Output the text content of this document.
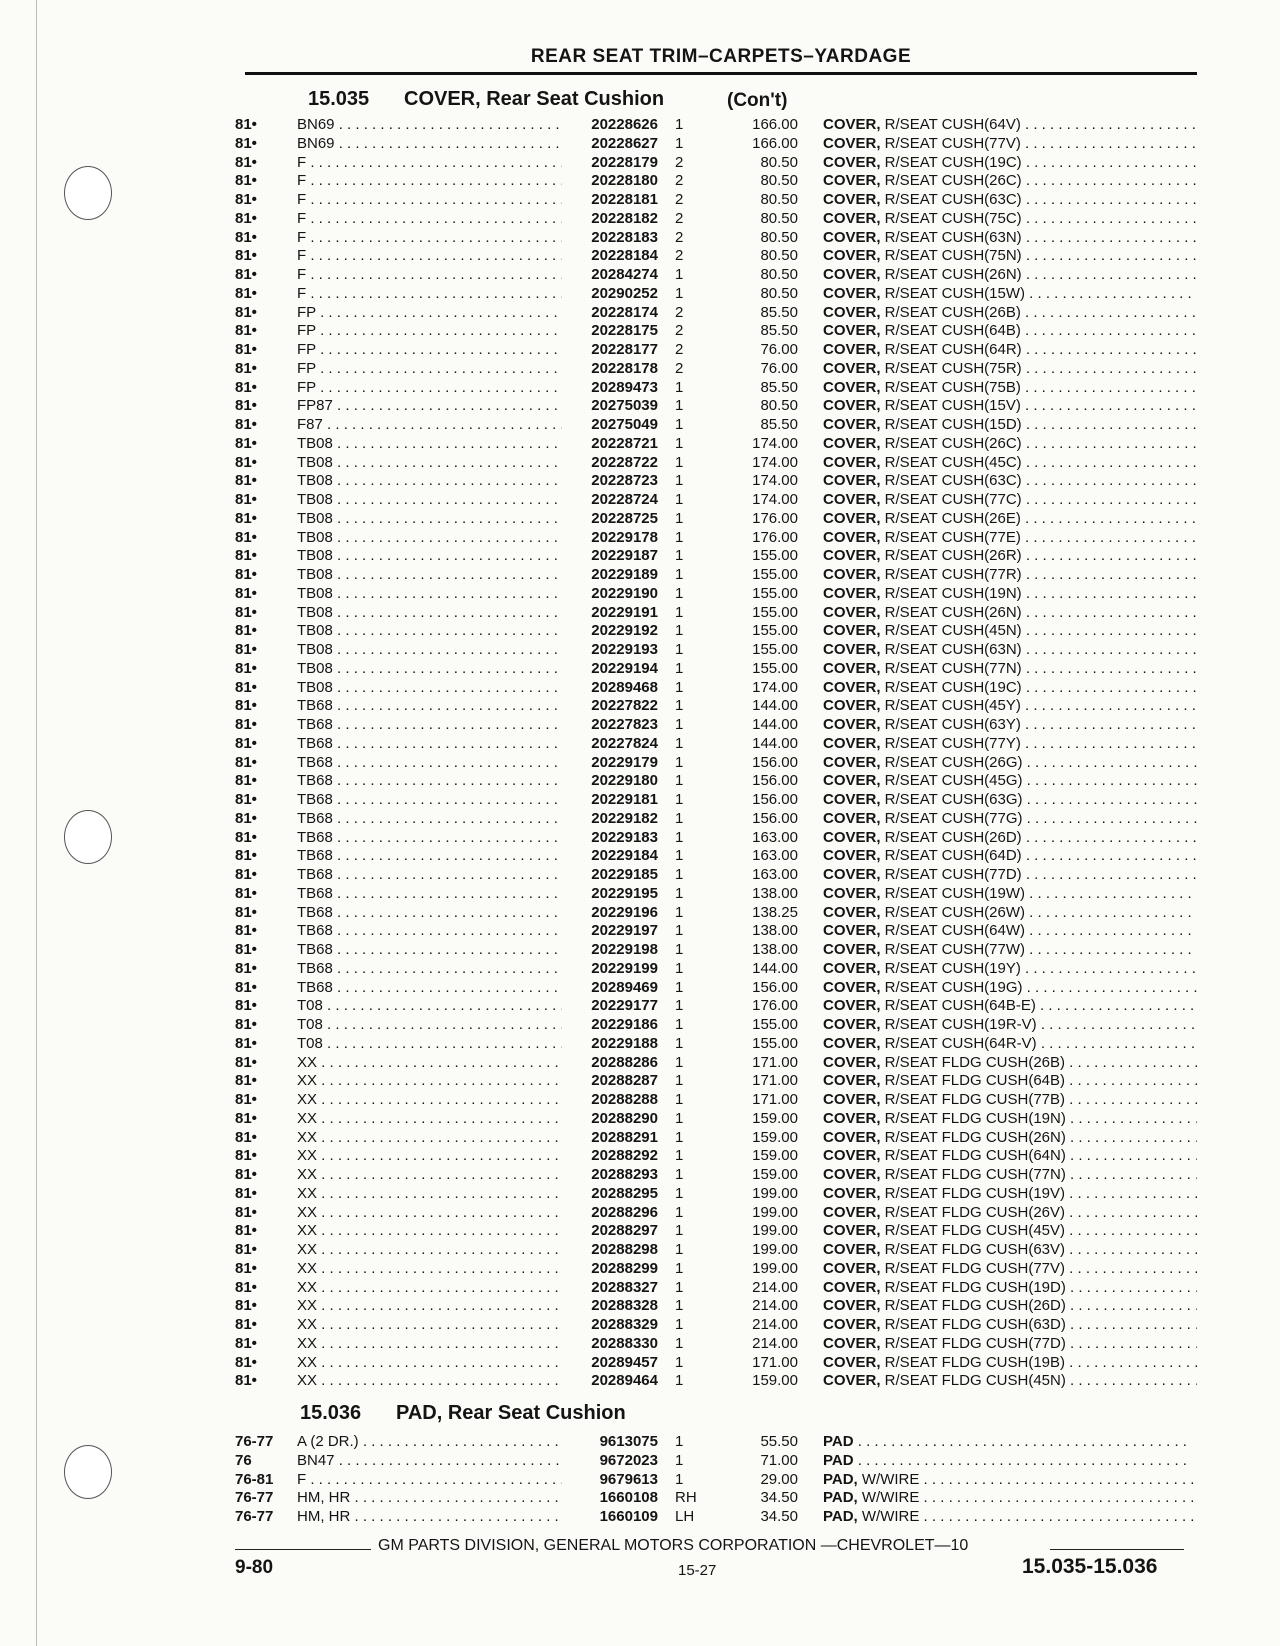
REAR SEAT TRIM–CARPETS–YARDAGE
15.035 COVER, Rear Seat Cushion	(Con't)
81•	BN69 . . .	20228626 1	166.00 COVER, R/SEAT CUSH(64V) . . .
81•	BN69 . . .	20228627 1	166.00 COVER, R/SEAT CUSH(77V) . . .
81•	F . . .	20228179 2	80.50 COVER, R/SEAT CUSH(19C) . . .
81•	F . . .	20228180 2	80.50 COVER, R/SEAT CUSH(26C) . . .
81•	F . . .	20228181 2	80.50 COVER, R/SEAT CUSH(63C) . . .
81•	F . . .	20228182 2	80.50 COVER, R/SEAT CUSH(75C) . . .
81•	F . . .	20228183 2	80.50 COVER, R/SEAT CUSH(63N) . . .
81•	F . . .	20228184 2	80.50 COVER, R/SEAT CUSH(75N) . . .
81•	F . . .	20284274 1	80.50 COVER, R/SEAT CUSH(26N) . . .
81•	F . . .	20290252 1	80.50 COVER, R/SEAT CUSH(15W) . . .
81•	FP . . .	20228174 2	85.50 COVER, R/SEAT CUSH(26B) . . .
81•	FP . . .	20228175 2	85.50 COVER, R/SEAT CUSH(64B) . . .
81•	FP . . .	20228177 2	76.00 COVER, R/SEAT CUSH(64R) . . .
81•	FP . . .	20228178 2	76.00 COVER, R/SEAT CUSH(75R) . . .
81•	FP . . .	20289473 1	85.50 COVER, R/SEAT CUSH(75B) . . .
81•	FP87 . . .	20275039 1	80.50 COVER, R/SEAT CUSH(15V) . . .
81•	F87 . . .	20275049 1	85.50 COVER, R/SEAT CUSH(15D) . . .
81•	TB08 . . .	20228721 1	174.00 COVER, R/SEAT CUSH(26C) . . .
81•	TB08 . . .	20228722 1	174.00 COVER, R/SEAT CUSH(45C) . . .
81•	TB08 . . .	20228723 1	174.00 COVER, R/SEAT CUSH(63C) . . .
81•	TB08 . . .	20228724 1	174.00 COVER, R/SEAT CUSH(77C) . . .
81•	TB08 . . .	20228725 1	176.00 COVER, R/SEAT CUSH(26E) . . .
81•	TB08 . . .	20229178 1	176.00 COVER, R/SEAT CUSH(77E) . . .
81•	TB08 . . .	20229187 1	155.00 COVER, R/SEAT CUSH(26R) . . .
81•	TB08 . . .	20229189 1	155.00 COVER, R/SEAT CUSH(77R) . . .
81•	TB08 . . .	20229190 1	155.00 COVER, R/SEAT CUSH(19N) . . .
81•	TB08 . . .	20229191 1	155.00 COVER, R/SEAT CUSH(26N) . . .
81•	TB08 . . .	20229192 1	155.00 COVER, R/SEAT CUSH(45N) . . .
81•	TB08 . . .	20229193 1	155.00 COVER, R/SEAT CUSH(63N) . . .
81•	TB08 . . .	20229194 1	155.00 COVER, R/SEAT CUSH(77N) . . .
81•	TB08 . . .	20289468 1	174.00 COVER, R/SEAT CUSH(19C) . . .
81•	TB68 . . .	20227822 1	144.00 COVER, R/SEAT CUSH(45Y) . . .
81•	TB68 . . .	20227823 1	144.00 COVER, R/SEAT CUSH(63Y) . . .
81•	TB68 . . .	20227824 1	144.00 COVER, R/SEAT CUSH(77Y) . . .
81•	TB68 . . .	20229179 1	156.00 COVER, R/SEAT CUSH(26G) . . .
81•	TB68 . . .	20229180 1	156.00 COVER, R/SEAT CUSH(45G) . . .
81•	TB68 . . .	20229181 1	156.00 COVER, R/SEAT CUSH(63G) . . .
81•	TB68 . . .	20229182 1	156.00 COVER, R/SEAT CUSH(77G) . . .
81•	TB68 . . .	20229183 1	163.00 COVER, R/SEAT CUSH(26D) . . .
81•	TB68 . . .	20229184 1	163.00 COVER, R/SEAT CUSH(64D) . . .
81•	TB68 . . .	20229185 1	163.00 COVER, R/SEAT CUSH(77D) . . .
81•	TB68 . . .	20229195 1	138.00 COVER, R/SEAT CUSH(19W) . . .
81•	TB68 . . .	20229196 1	138.25 COVER, R/SEAT CUSH(26W) . . .
81•	TB68 . . .	20229197 1	138.00 COVER, R/SEAT CUSH(64W) . . .
81•	TB68 . . .	20229198 1	138.00 COVER, R/SEAT CUSH(77W) . . .
81•	TB68 . . .	20229199 1	144.00 COVER, R/SEAT CUSH(19Y) . . .
81•	TB68 . . .	20289469 1	156.00 COVER, R/SEAT CUSH(19G) . . .
81•	T08 . . .	20229177 1	176.00 COVER, R/SEAT CUSH(64B-E) . . .
81•	T08 . . .	20229186 1	155.00 COVER, R/SEAT CUSH(19R-V) . . .
81•	T08 . . .	20229188 1	155.00 COVER, R/SEAT CUSH(64R-V) . . .
81•	XX . . .	20288286 1	171.00 COVER, R/SEAT FLDG CUSH(26B) . . .
81•	XX . . .	20288287 1	171.00 COVER, R/SEAT FLDG CUSH(64B) . . .
81•	XX . . .	20288288 1	171.00 COVER, R/SEAT FLDG CUSH(77B) . . .
81•	XX . . .	20288290 1	159.00 COVER, R/SEAT FLDG CUSH(19N) . . .
81•	XX . . .	20288291 1	159.00 COVER, R/SEAT FLDG CUSH(26N) . . .
81•	XX . . .	20288292 1	159.00 COVER, R/SEAT FLDG CUSH(64N) . . .
81•	XX . . .	20288293 1	159.00 COVER, R/SEAT FLDG CUSH(77N) . . .
81•	XX . . .	20288295 1	199.00 COVER, R/SEAT FLDG CUSH(19V) . . .
81•	XX . . .	20288296 1	199.00 COVER, R/SEAT FLDG CUSH(26V) . . .
81•	XX . . .	20288297 1	199.00 COVER, R/SEAT FLDG CUSH(45V) . . .
81•	XX . . .	20288298 1	199.00 COVER, R/SEAT FLDG CUSH(63V) . . .
81•	XX . . .	20288299 1	199.00 COVER, R/SEAT FLDG CUSH(77V) . . .
81•	XX . . .	20288327 1	214.00 COVER, R/SEAT FLDG CUSH(19D) . . .
81•	XX . . .	20288328 1	214.00 COVER, R/SEAT FLDG CUSH(26D) . . .
81•	XX . . .	20288329 1	214.00 COVER, R/SEAT FLDG CUSH(63D) . . .
81•	XX . . .	20288330 1	214.00 COVER, R/SEAT FLDG CUSH(77D) . . .
81•	XX . . .	20289457 1	171.00 COVER, R/SEAT FLDG CUSH(19B) . . .
81•	XX . . .	20289464 1	159.00 COVER, R/SEAT FLDG CUSH(45N) . . .
15.036 PAD, Rear Seat Cushion
76-77	A (2 DR.) . . .	9613075 1	55.50 PAD . . .
76	BN47 . . .	9672023 1	71.00 PAD . . .
76-81	F . . .	9679613 1	29.00 PAD, W/WIRE . . .
76-77	HM, HR . . .	1660108 RH	34.50 PAD, W/WIRE . . .
76-77	HM, HR . . .	1660109 LH	34.50 PAD, W/WIRE . . .
GM PARTS DIVISION, GENERAL MOTORS CORPORATION —CHEVROLET—10
9-80	15-27	15.035-15.036
